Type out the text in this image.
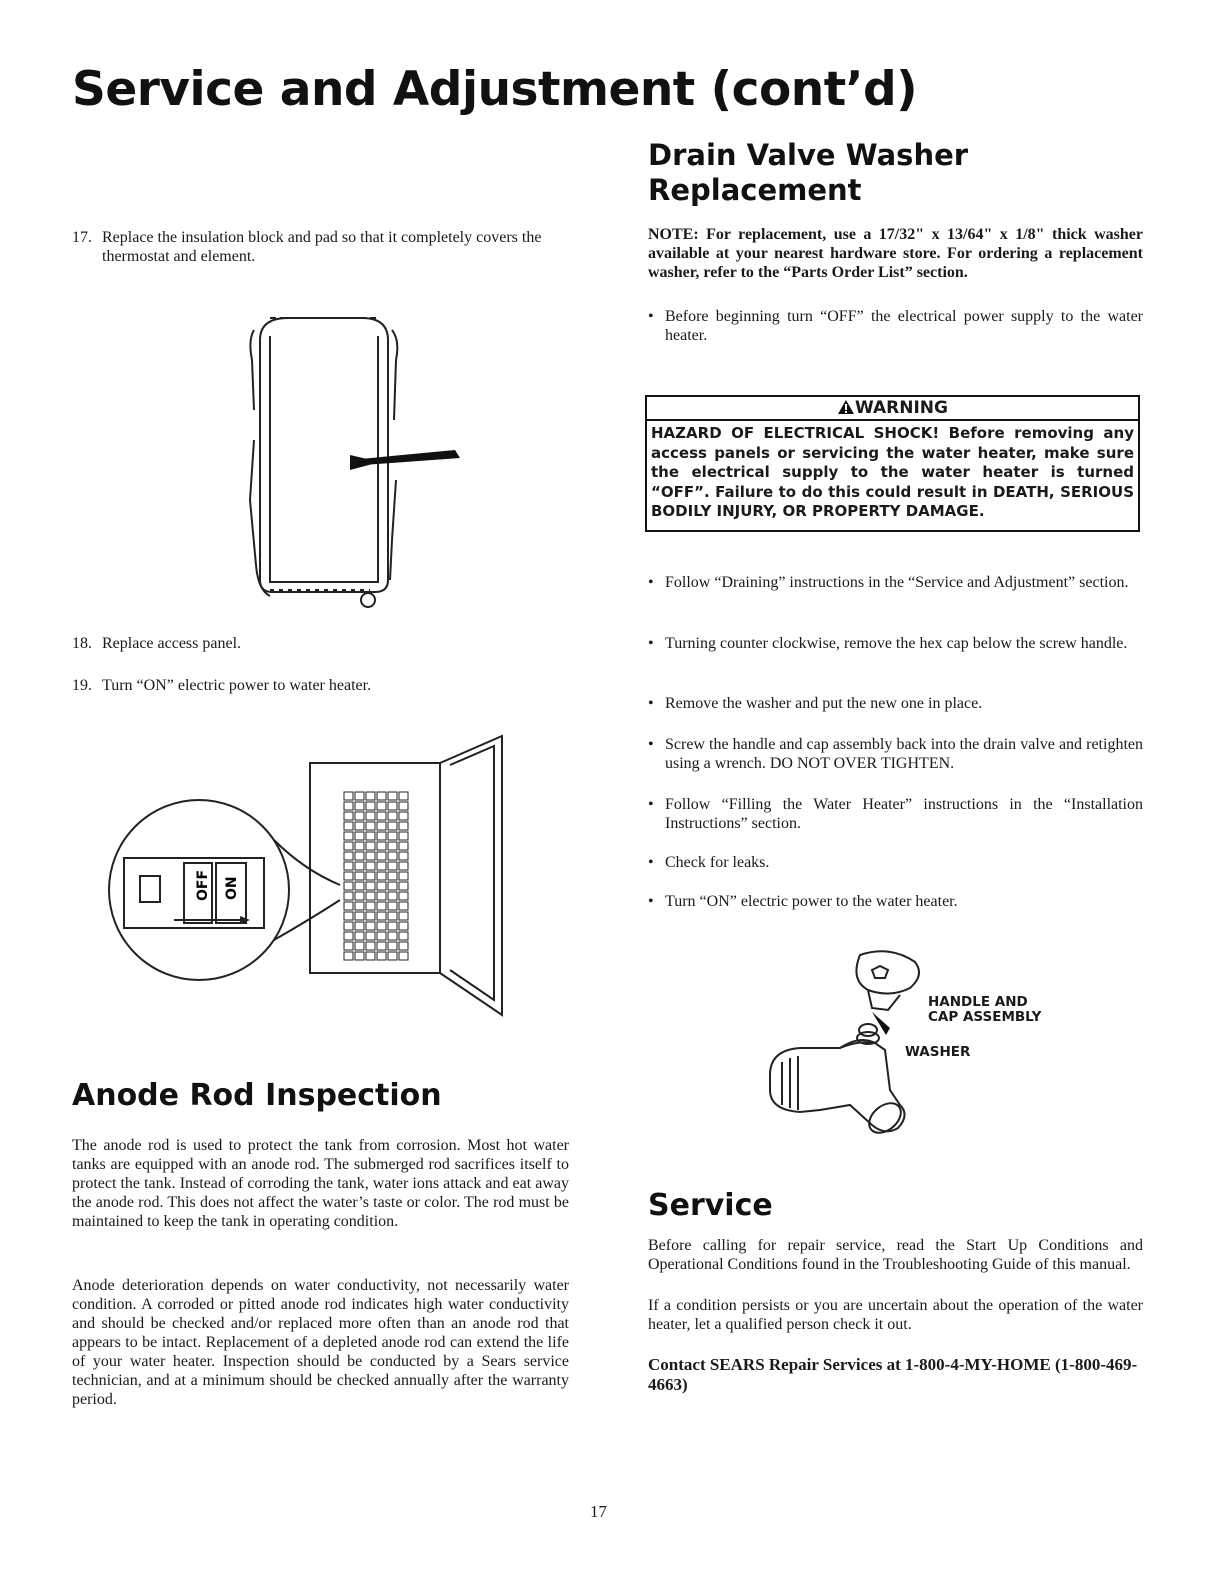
Service and Adjustment (cont’d)
17. Replace the insulation block and pad so that it completely covers the thermostat and element.
18. Replace access panel.
19. Turn “ON” electric power to water heater.
OFF ON
Anode Rod Inspection

The anode rod is used to protect the tank from corrosion. Most hot water tanks are equipped with an anode rod. The submerged rod sacrifices itself to protect the tank. Instead of corroding the tank, water ions attack and eat away the anode rod. This does not affect the water’s taste or color. The rod must be maintained to keep the tank in operating condition.

Anode deterioration depends on water conductivity, not necessarily water condition. A corroded or pitted anode rod indicates high water conductivity and should be checked and/or replaced more often than an anode rod that appears to be intact. Replacement of a depleted anode rod can extend the life of your water heater. Inspection should be conducted by a Sears service technician, and at a minimum should be checked annually after the warranty period.

Drain Valve Washer
Replacement

NOTE: For replacement, use a 17/32" x 13/64" x 1/8" thick washer available at your nearest hardware store. For ordering a replacement washer, refer to the “Parts Order List” section.

• Before beginning turn “OFF” the electrical power supply to the water heater.
WARNING
HAZARD OF ELECTRICAL SHOCK! Before removing any access panels or servicing the water heater, make sure the electrical supply to the water heater is turned “OFF”. Failure to do this could result in DEATH, SERIOUS BODILY INJURY, OR PROPERTY DAMAGE.
• Follow “Draining” instructions in the “Service and Adjustment” section.
• Turning counter clockwise, remove the hex cap below the screw handle.
• Remove the washer and put the new one in place.
• Screw the handle and cap assembly back into the drain valve and retighten using a wrench. DO NOT OVER TIGHTEN.
• Follow “Filling the Water Heater” instructions in the “Installation Instructions” section.
• Check for leaks.
• Turn “ON” electric power to the water heater.
HANDLE AND
CAP ASSEMBLY
WASHER
Service

Before calling for repair service, read the Start Up Conditions and Operational Conditions found in the Troubleshooting Guide of this manual.

If a condition persists or you are uncertain about the operation of the water heater, let a qualified person check it out.

Contact SEARS Repair Services at 1-800-4-MY-HOME (1-800-469-4663)

17
